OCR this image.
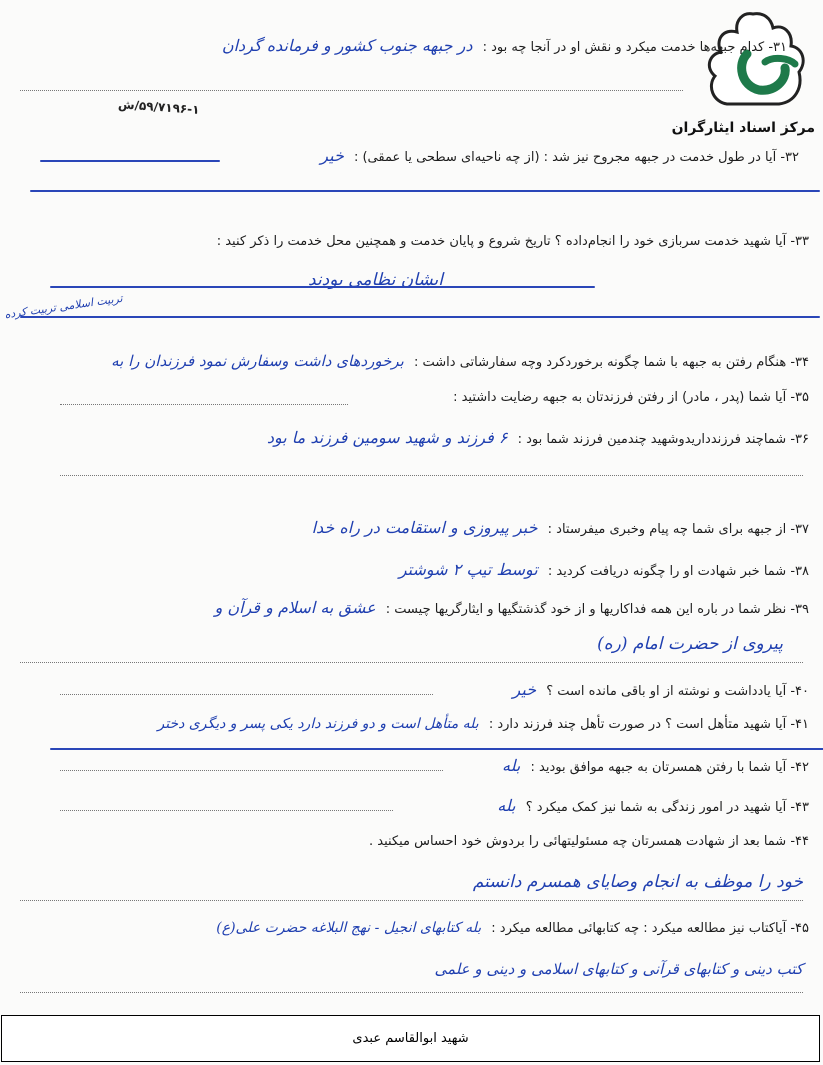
مرکز اسناد ایثارگران
۵۹/۷۱۹۶-۱/ش
تربیت اسلامی تربیت کرده
۳۱- کدام جبهه‌ها خدمت میکرد و نقش او در آنجا چه بود : در جبهه جنوب کشور و فرمانده گردان
۳۲- آیا در طول خدمت در جبهه مجروح نیز شد : (از چه ناحیه‌ای سطحی یا عمقی) : خیر
۳۳- آیا شهید خدمت سربازی خود را انجام‌داده ؟ تاریخ شروع و پایان خدمت و همچنین محل خدمت را ذکر کنید :
ایشان نظامی بودند
۳۴- هنگام رفتن به جبهه با شما چگونه برخوردکرد وچه سفارشاتی داشت : برخوردهای داشت وسفارش نمود فرزندان را به
۳۵- آیا شما (پدر ، مادر) از رفتن فرزندتان به جبهه رضایت داشتید :
۳۶- شماچند فرزندداریدوشهید چندمین فرزند شما بود : ۶ فرزند و شهید سومین فرزند ما بود
۳۷- از جبهه برای شما چه پیام وخبری میفرستاد : خبر پیروزی و استقامت در راه خدا
۳۸- شما خبر شهادت او را چگونه دریافت کردید : توسط تیپ ۲ شوشتر
۳۹- نظر شما در باره این همه فداکاریها و از خود گذشتگیها و ایثارگریها چیست : عشق به اسلام و قرآن و
پیروی از حضرت امام (ره)
۴۰- آیا یادداشت و نوشته از او باقی مانده است ؟ خیر
۴۱- آیا شهید متأهل است ؟ در صورت تأهل چند فرزند دارد : بله متأهل است و دو فرزند دارد یکی پسر و دیگری دختر
۴۲- آیا شما با رفتن همسرتان به جبهه موافق بودید : بله
۴۳- آیا شهید در امور زندگی به شما نیز کمک میکرد ؟ بله
۴۴- شما بعد از شهادت همسرتان چه مسئولیتهائی را بردوش خود احساس میکنید .
خود را موظف به انجام وصایای همسرم دانستم
۴۵- آیاکتاب نیز مطالعه میکرد : چه کتابهائی مطالعه میکرد : بله کتابهای انجیل - نهج البلاغه حضرت علی(ع)
کتب دینی و کتابهای قرآنی و کتابهای اسلامی و دینی و علمی
شهید ابوالقاسم عبدی
